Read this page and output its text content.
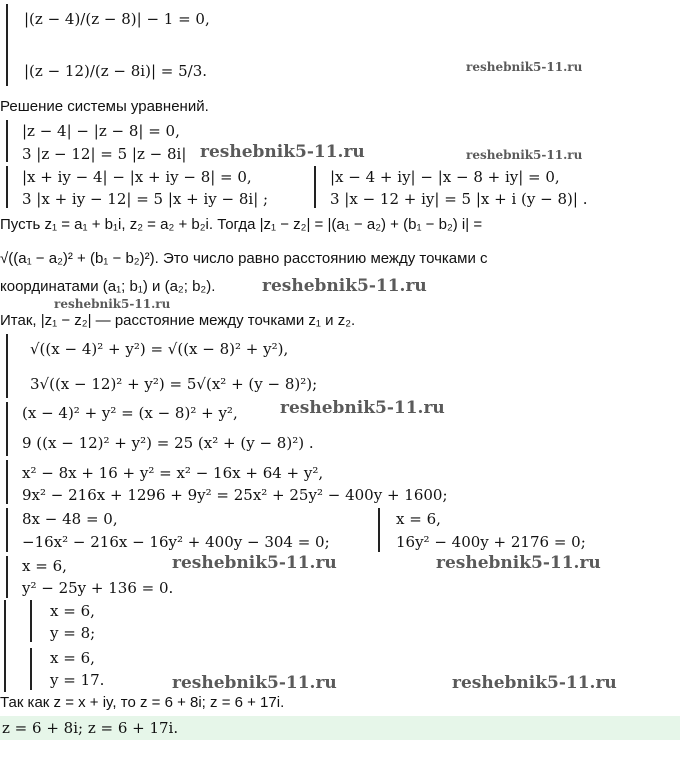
|(z − 4)/(z − 8)| − 1 = 0,
|(z − 12)/(z − 8i)| = 5/3.	reshebnik5-11.ru
Решение системы уравнений.
|z − 4| − |z − 8| = 0,
3 |z − 12| = 5 |z − 8i| reshebnik5-11.ru	reshebnik5-11.ru
|x + iy − 4| − |x + iy − 8| = 0,
3 |x + iy − 12| = 5 |x + iy − 8i| ;
|x − 4 + iy| − |x − 8 + iy| = 0,
3 |x − 12 + iy| = 5 |x + i (y − 8)| .
Пусть z₁ = a₁ + b₁i, z₂ = a₂ + b₂i. Тогда |z₁ − z₂| = |(a₁ − a₂) + (b₁ − b₂) i| =
√((a₁ − a₂)² + (b₁ − b₂)²). Это число равно расстоянию между точками с
координатами (a₁; b₁) и (a₂; b₂).	reshebnik5-11.ru
reshebnik5-11.ru
Итак, |z₁ − z₂| — расстояние между точками z₁ и z₂.
√((x − 4)² + y²) = √((x − 8)² + y²),
3√((x − 12)² + y²) = 5√(x² + (y − 8)²);
(x − 4)² + y² = (x − 8)² + y², reshebnik5-11.ru
9 ((x − 12)² + y²) = 25 (x² + (y − 8)²) .
x² − 8x + 16 + y² = x² − 16x + 64 + y²,
9x² − 216x + 1296 + 9y² = 25x² + 25y² − 400y + 1600;
8x − 48 = 0,
−16x² − 216x − 16y² + 400y − 304 = 0;
x = 6,
16y² − 400y + 2176 = 0;
x = 6,	reshebnik5-11.ru	reshebnik5-11.ru
y² − 25y + 136 = 0.
x = 6,
y = 8;
x = 6,
y = 17.	reshebnik5-11.ru	reshebnik5-11.ru
Так как z = x + iy, то z = 6 + 8i; z = 6 + 17i.
z = 6 + 8i; z = 6 + 17i.
